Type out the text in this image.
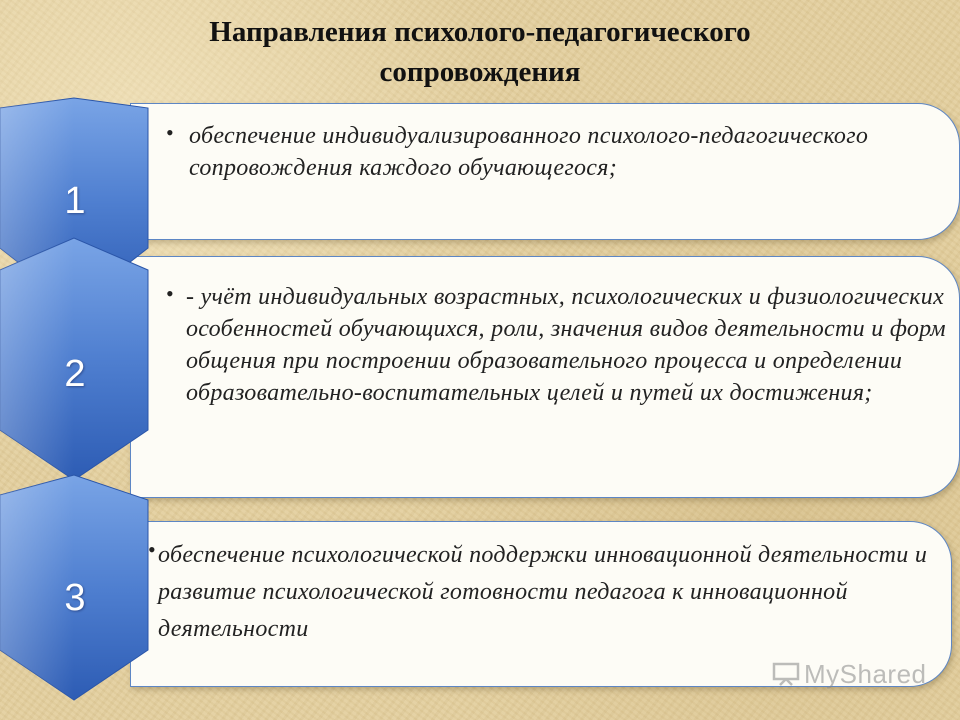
Направления психолого-педагогического сопровождения
• обеспечение индивидуализированного психолого-педагогического сопровождения каждого обучающегося;
• - учёт индивидуальных возрастных, психологических и физиологических особенностей обучающихся, роли, значения видов деятельности и форм общения при построении образовательного процесса и определении образовательно-воспитательных целей и путей их достижения;
• обеспечение психологической поддержки инновационной деятельности и развитие психологической готовности педагога к инновационной деятельности
1
2
3
MyShared
